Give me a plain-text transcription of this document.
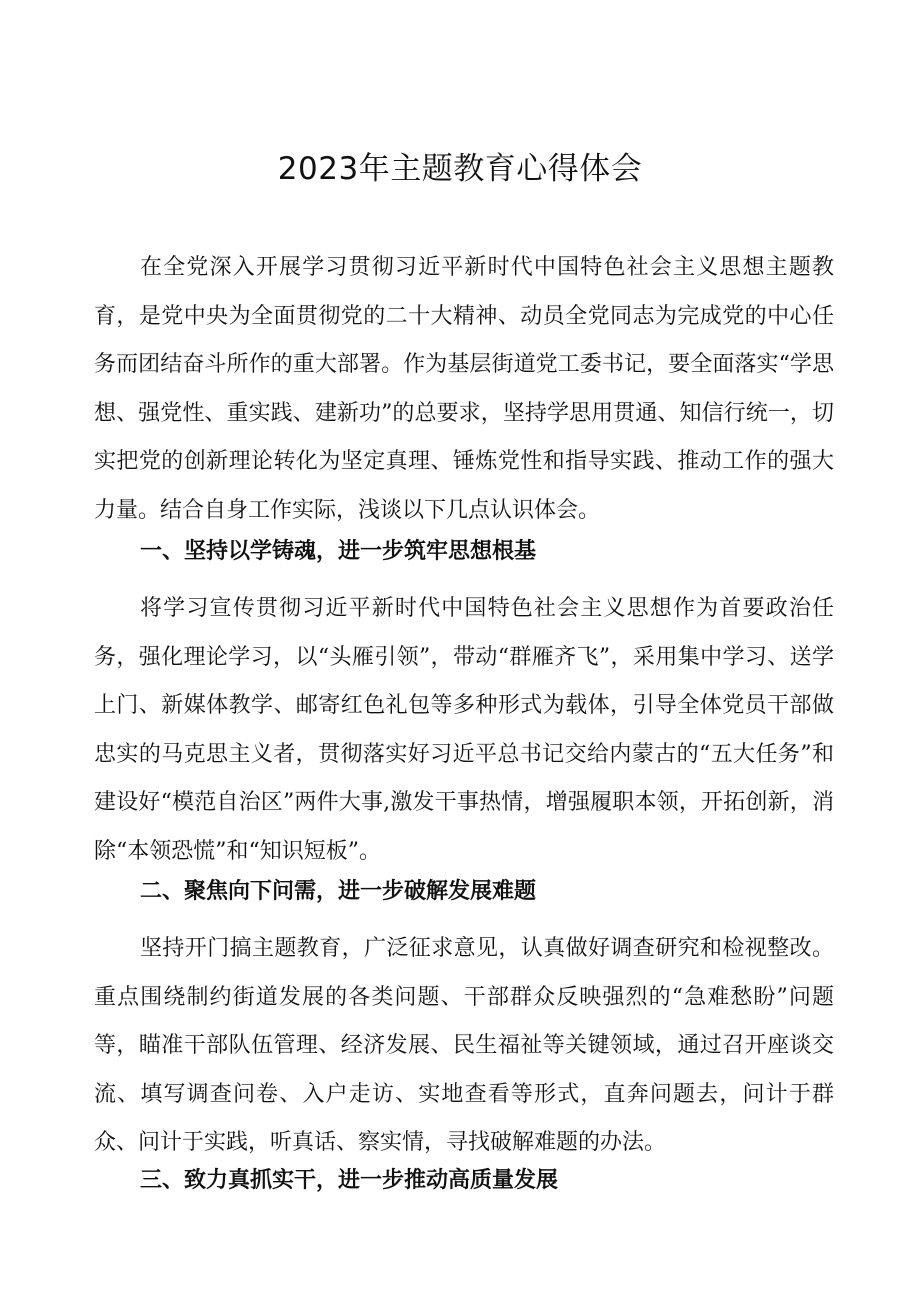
2023年主题教育心得体会

在全党深入开展学习贯彻习近平新时代中国特色社会主义思想主题教育，是党中央为全面贯彻党的二十大精神、动员全党同志为完成党的中心任务而团结奋斗所作的重大部署。作为基层街道党工委书记，要全面落实“学思想、强党性、重实践、建新功”的总要求，坚持学思用贯通、知信行统一，切实把党的创新理论转化为坚定真理、锤炼党性和指导实践、推动工作的强大力量。结合自身工作实际，浅谈以下几点认识体会。

一、坚持以学铸魂，进一步筑牢思想根基

将学习宣传贯彻习近平新时代中国特色社会主义思想作为首要政治任务，强化理论学习，以“头雁引领”，带动“群雁齐飞”，采用集中学习、送学上门、新媒体教学、邮寄红色礼包等多种形式为载体，引导全体党员干部做忠实的马克思主义者，贯彻落实好习近平总书记交给内蒙古的“五大任务”和建设好“模范自治区”两件大事,激发干事热情，增强履职本领，开拓创新，消除“本领恐慌”和“知识短板”。

二、聚焦向下问需，进一步破解发展难题

坚持开门搞主题教育，广泛征求意见，认真做好调查研究和检视整改。重点围绕制约街道发展的各类问题、干部群众反映强烈的“急难愁盼”问题等，瞄准干部队伍管理、经济发展、民生福祉等关键领域，通过召开座谈交流、填写调查问卷、入户走访、实地查看等形式，直奔问题去，问计于群众、问计于实践，听真话、察实情，寻找破解难题的办法。

三、致力真抓实干，进一步推动高质量发展
